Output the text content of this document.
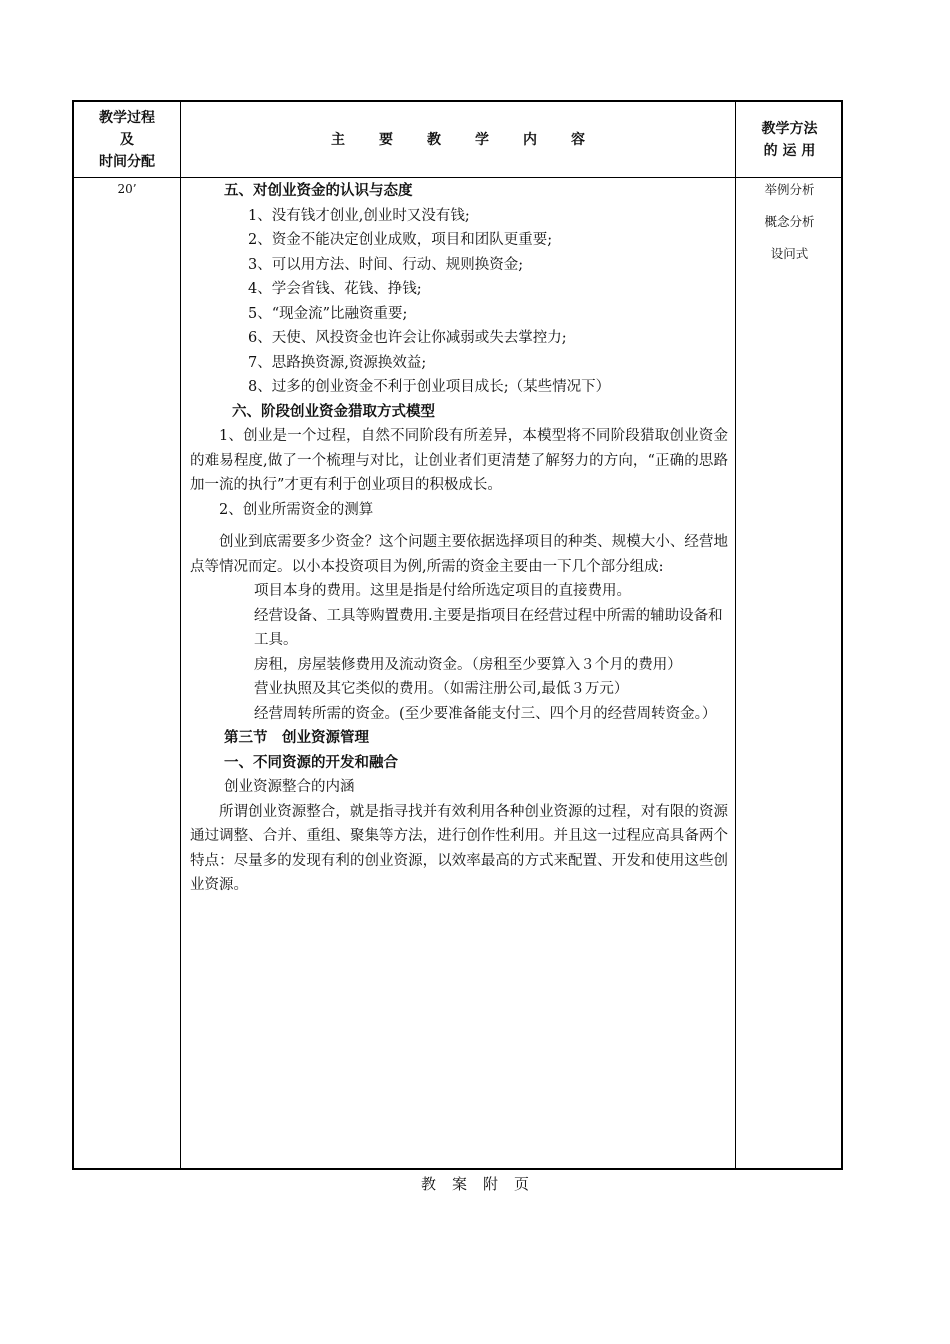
教学过程
及
时间分配
主要教学内容
教学方法
的 运 用
20’	举例分析
概念分析
设问式

五、对创业资金的认识与态度

1、没有钱才创业,创业时又没有钱;

2、资金不能决定创业成败，项目和团队更重要;

3、可以用方法、时间、行动、规则换资金;

4、学会省钱、花钱、挣钱;

5、“现金流”比融资重要;

6、天使、风投资金也许会让你减弱或失去掌控力;

7、思路换资源,资源换效益;

8、过多的创业资金不利于创业项目成长;（某些情况下）

六、阶段创业资金猎取方式模型

1、创业是一个过程，自然不同阶段有所差异，本模型将不同阶段猎取创业资金的难易程度,做了一个梳理与对比，让创业者们更清楚了解努力的方向，“正确的思路加一流的执行”才更有利于创业项目的积极成长。

2、创业所需资金的测算

创业到底需要多少资金？这个问题主要依据选择项目的种类、规模大小、经营地点等情况而定。以小本投资项目为例,所需的资金主要由一下几个部分组成:

项目本身的费用。这里是指是付给所选定项目的直接费用。

经营设备、工具等购置费用.主要是指项目在经营过程中所需的辅助设备和工具。

房租，房屋装修费用及流动资金。（房租至少要算入３个月的费用）

营业执照及其它类似的费用。（如需注册公司,最低３万元）

经营周转所需的资金。(至少要准备能支付三、四个月的经营周转资金。）

第三节　创业资源管理

一、不同资源的开发和融合

创业资源整合的内涵

所谓创业资源整合，就是指寻找并有效利用各种创业资源的过程，对有限的资源通过调整、合并、重组、聚集等方法，进行创作性利用。并且这一过程应高具备两个特点：尽量多的发现有利的创业资源，以效率最高的方式来配置、开发和使用这些创业资源。

教案附页
